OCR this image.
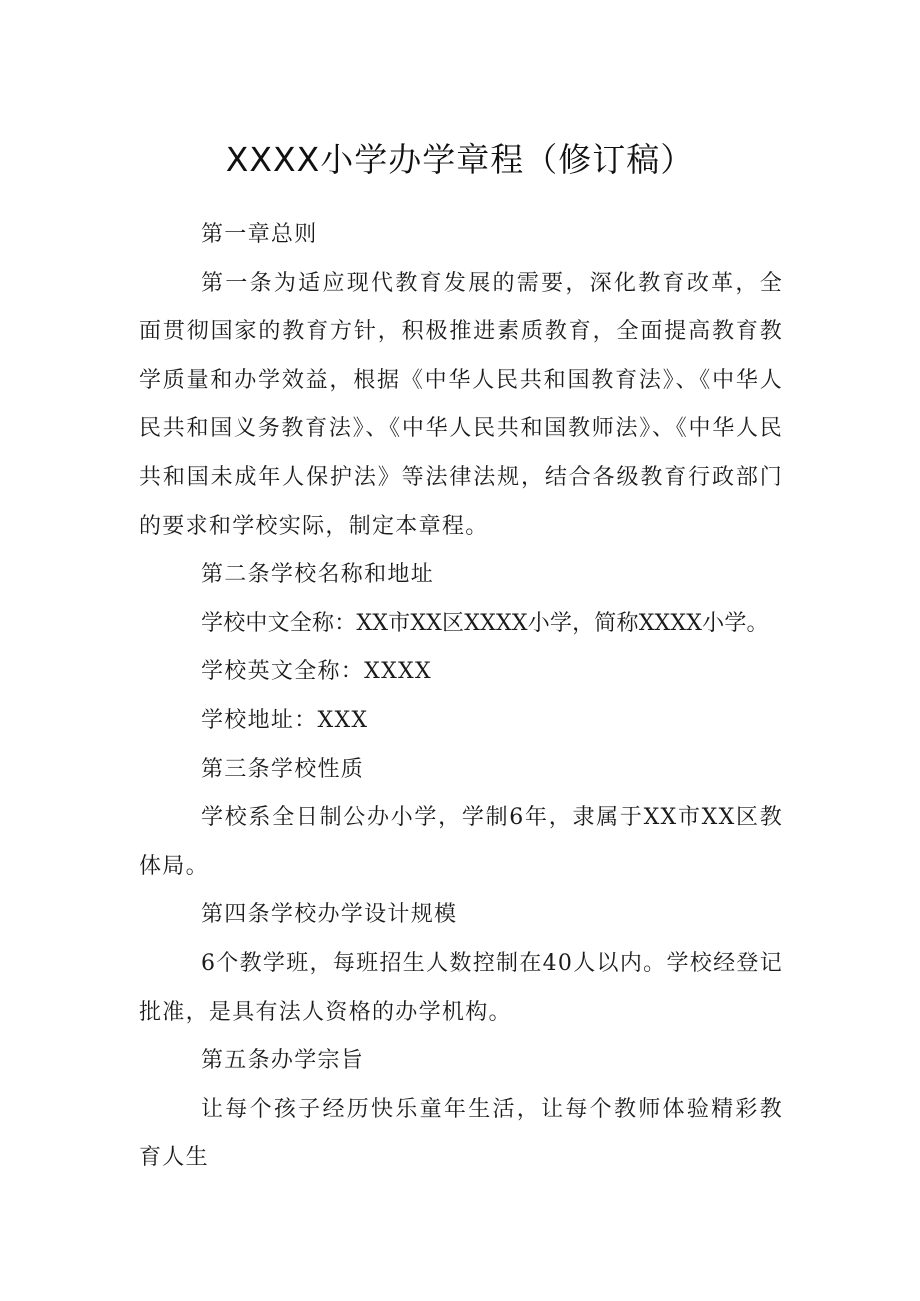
XXXX小学办学章程（修订稿）

第一章总则

第一条为适应现代教育发展的需要，深化教育改革，全面贯彻国家的教育方针，积极推进素质教育，全面提高教育教学质量和办学效益，根据《中华人民共和国教育法》、《中华人民共和国义务教育法》、《中华人民共和国教师法》、《中华人民共和国未成年人保护法》等法律法规，结合各级教育行政部门的要求和学校实际，制定本章程。

第二条学校名称和地址

学校中文全称：XX市XX区XXXX小学，简称XXXX小学。

学校英文全称：XXXX

学校地址：XXX

第三条学校性质

学校系全日制公办小学，学制6年，隶属于XX市XX区教体局。

第四条学校办学设计规模

6个教学班，每班招生人数控制在40人以内。学校经登记批准，是具有法人资格的办学机构。

第五条办学宗旨

让每个孩子经历快乐童年生活，让每个教师体验精彩教育人生
